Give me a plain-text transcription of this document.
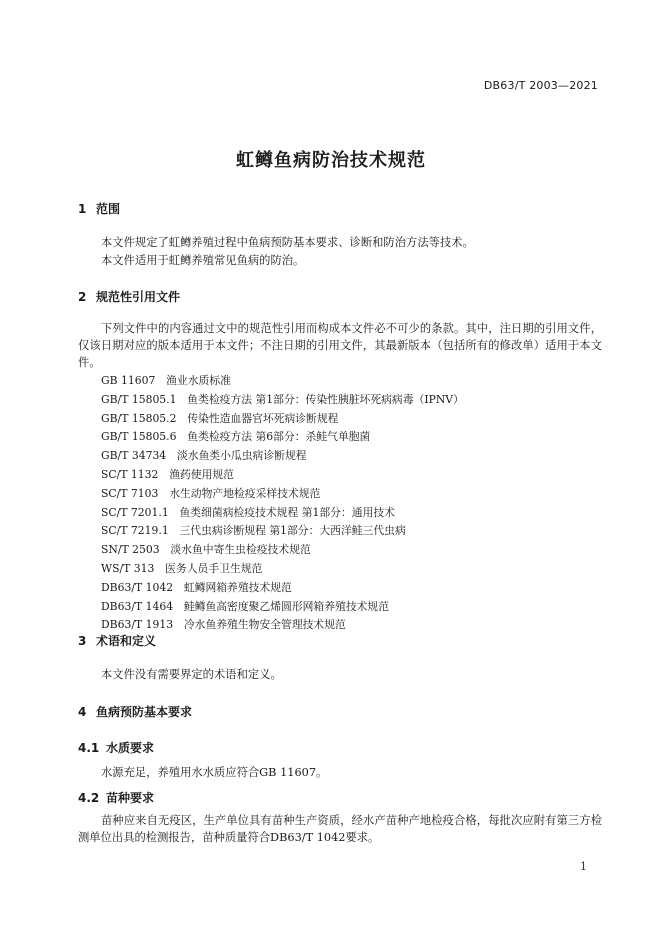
DB63/T 2003—2021
虹鳟鱼病防治技术规范
1 范围
本文件规定了虹鳟养殖过程中鱼病预防基本要求、诊断和防治方法等技术。
本文件适用于虹鳟养殖常见鱼病的防治。
2 规范性引用文件
下列文件中的内容通过文中的规范性引用而构成本文件必不可少的条款。其中，注日期的引用文件，仅该日期对应的版本适用于本文件；不注日期的引用文件，其最新版本（包括所有的修改单）适用于本文件。
GB 11607  渔业水质标准
GB/T 15805.1  鱼类检疫方法 第1部分：传染性胰脏坏死病病毒（IPNV）
GB/T 15805.2  传染性造血器官坏死病诊断规程
GB/T 15805.6  鱼类检疫方法 第6部分：杀鲑气单胞菌
GB/T 34734  淡水鱼类小瓜虫病诊断规程
SC/T 1132  渔药使用规范
SC/T 7103  水生动物产地检疫采样技术规范
SC/T 7201.1  鱼类细菌病检疫技术规程 第1部分：通用技术
SC/T 7219.1  三代虫病诊断规程 第1部分：大西洋鲑三代虫病
SN/T 2503  淡水鱼中寄生虫检疫技术规范
WS/T 313  医务人员手卫生规范
DB63/T 1042  虹鳟网箱养殖技术规范
DB63/T 1464  鲑鳟鱼高密度聚乙烯圆形网箱养殖技术规范
DB63/T 1913  冷水鱼养殖生物安全管理技术规范
3 术语和定义
本文件没有需要界定的术语和定义。
4 鱼病预防基本要求
4.1 水质要求
水源充足，养殖用水水质应符合GB 11607。
4.2 苗种要求
苗种应来自无疫区，生产单位具有苗种生产资质，经水产苗种产地检疫合格，每批次应附有第三方检测单位出具的检测报告，苗种质量符合DB63/T 1042要求。
1
